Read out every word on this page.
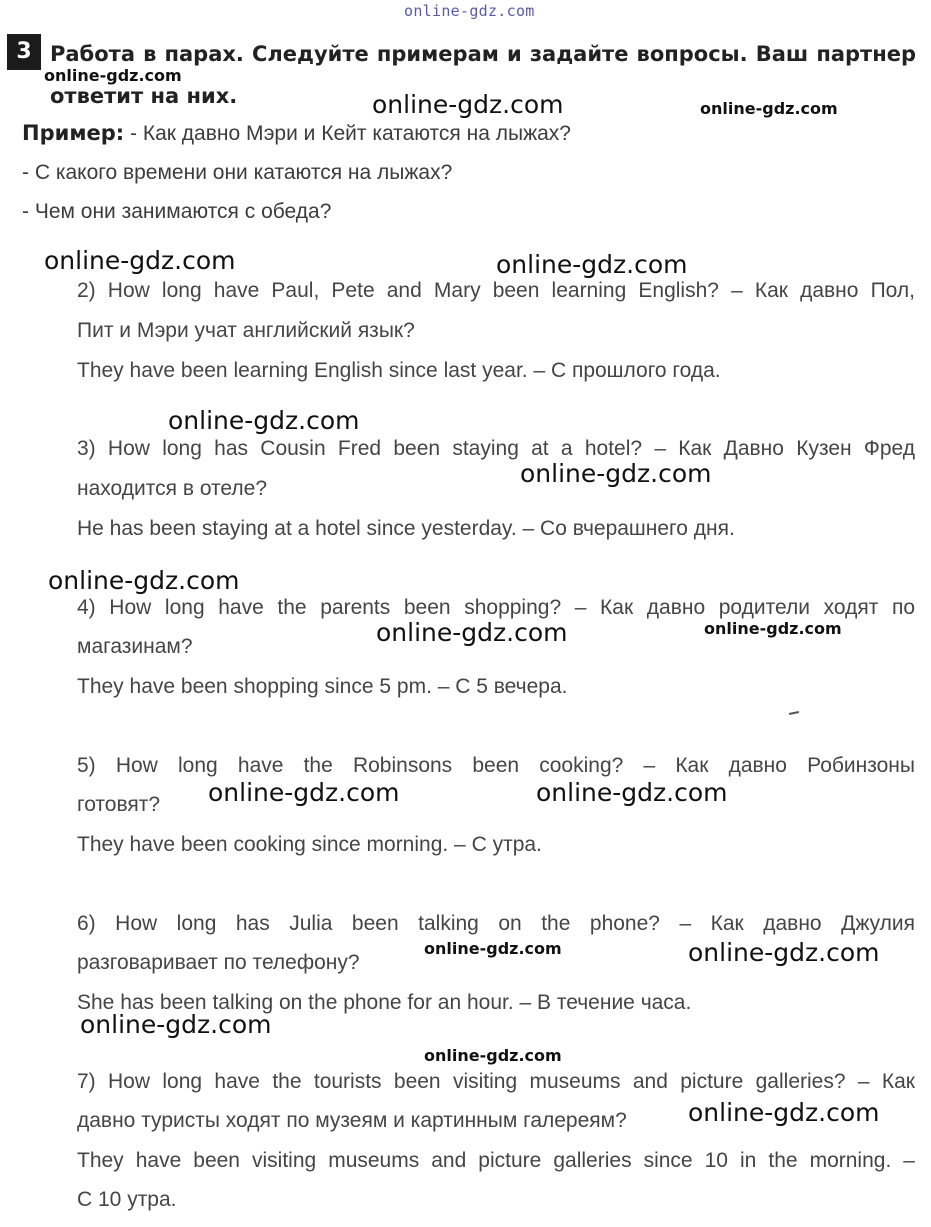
online-gdz.com
3 Работа в парах. Следуйте примерам и задайте вопросы. Ваш партнер
ответит на них.
Пример: - Как давно Мэри и Кейт катаются на лыжах?
- С какого времени они катаются на лыжах?
- Чем они занимаются с обеда?
2) How long have Paul, Pete and Mary been learning English? – Как давно Пол,
Пит и Мэри учат английский язык?
They have been learning English since last year. – С прошлого года.
3) How long has Cousin Fred been staying at a hotel? – Как Давно Кузен Фред
находится в отеле?
He has been staying at a hotel since yesterday. – Со вчерашнего дня.
4) How long have the parents been shopping? – Как давно родители ходят по
магазинам?
They have been shopping since 5 pm. – С 5 вечера.
5) How long have the Robinsons been cooking? – Как давно Робинзоны
готовят?
They have been cooking since morning. – С утра.
6) How long has Julia been talking on the phone? – Как давно Джулия
разговаривает по телефону?
She has been talking on the phone for an hour. – В течение часа.
7) How long have the tourists been visiting museums and picture galleries? – Как
давно туристы ходят по музеям и картинным галереям?
They have been visiting museums and picture galleries since 10 in the morning. –
С 10 утра.
online-gdz.com
online-gdz.com	online-gdz.com
online-gdz.com	online-gdz.com
online-gdz.com
online-gdz.com
online-gdz.com
online-gdz.com	online-gdz.com
online-gdz.com	online-gdz.com
online-gdz.com	online-gdz.com
online-gdz.com
online-gdz.com
online-gdz.com
